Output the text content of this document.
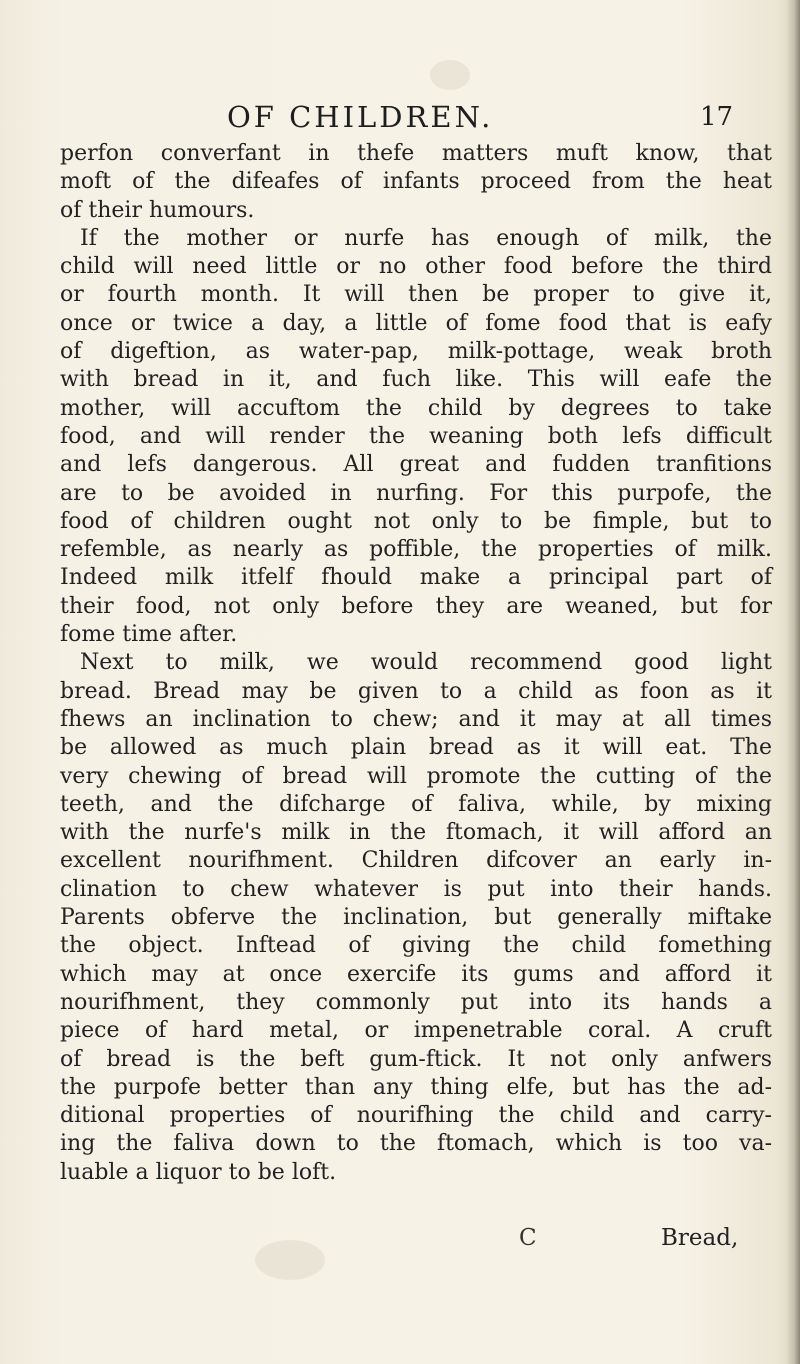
OF CHILDREN.	17
perfon converfant in thefe matters muft know, that
moft of the difeafes of infants proceed from the heat
of their humours.
If the mother or nurfe has enough of milk, the
child will need little or no other food before the third
or fourth month. It will then be proper to give it,
once or twice a day, a little of fome food that is eafy
of digeftion, as water-pap, milk-pottage, weak broth
with bread in it, and fuch like. This will eafe the
mother, will accuftom the child by degrees to take
food, and will render the weaning both lefs difficult
and lefs dangerous. All great and fudden tranfitions
are to be avoided in nurfing. For this purpofe, the
food of children ought not only to be fimple, but to
refemble, as nearly as poffible, the properties of milk.
Indeed milk itfelf fhould make a principal part of
their food, not only before they are weaned, but for
fome time after.
Next to milk, we would recommend good light
bread. Bread may be given to a child as foon as it
fhews an inclination to chew; and it may at all times
be allowed as much plain bread as it will eat. The
very chewing of bread will promote the cutting of the
teeth, and the difcharge of faliva, while, by mixing
with the nurfe's milk in the ftomach, it will afford an
excellent nourifhment. Children difcover an early in-
clination to chew whatever is put into their hands.
Parents obferve the inclination, but generally miftake
the object. Inftead of giving the child fomething
which may at once exercife its gums and afford it
nourifhment, they commonly put into its hands a
piece of hard metal, or impenetrable coral. A cruft
of bread is the beft gum-ftick. It not only anfwers
the purpofe better than any thing elfe, but has the ad-
ditional properties of nourifhing the child and carry-
ing the faliva down to the ftomach, which is too va-
luable a liquor to be loft.
C	Bread,
